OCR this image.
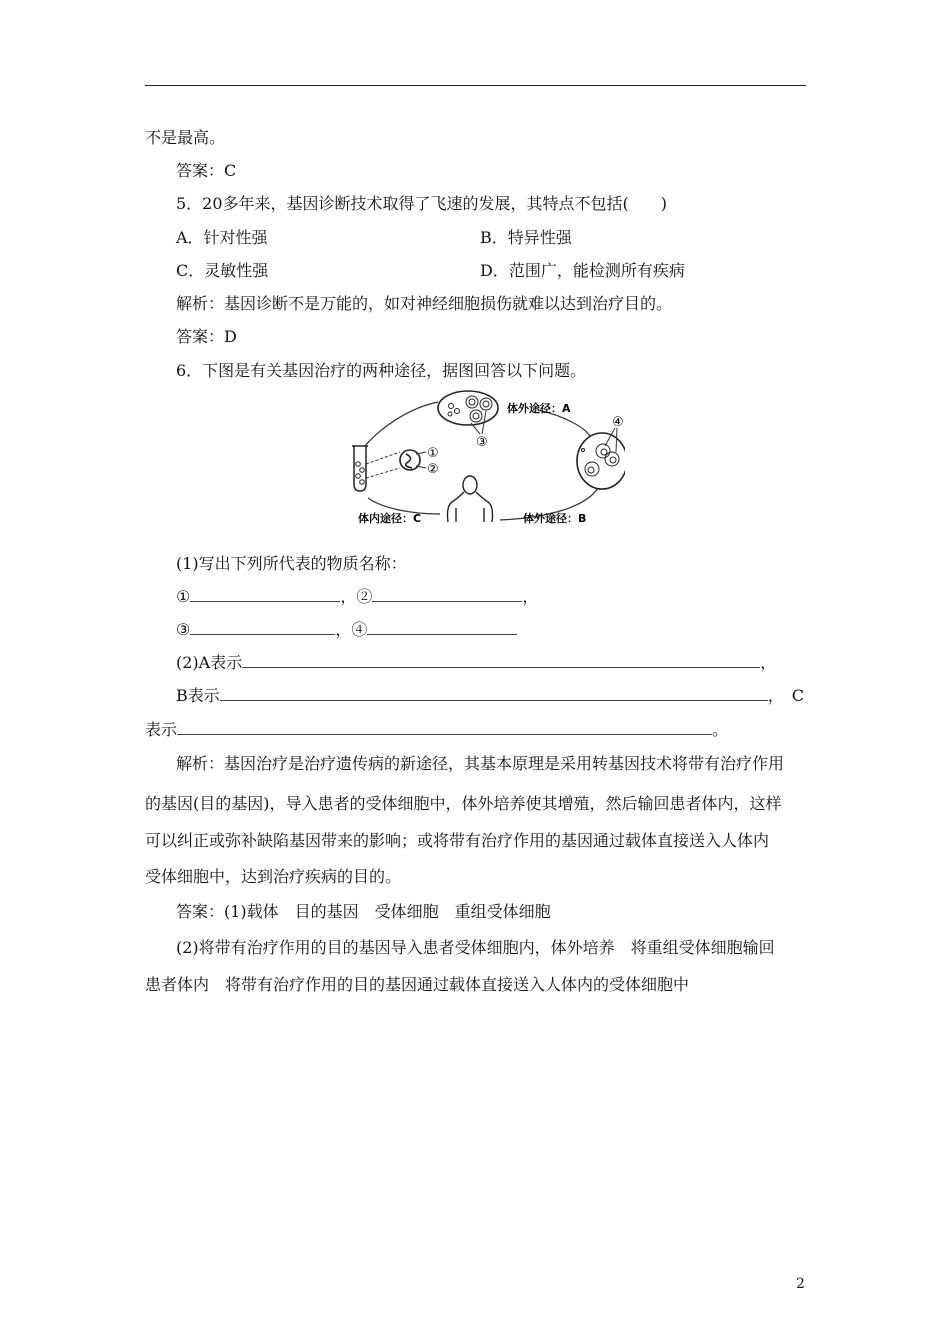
不是最高。
答案：C
5．20多年来，基因诊断技术取得了飞速的发展，其特点不包括(　　)
A．针对性强	B．特异性强
C．灵敏性强	D．范围广，能检测所有疾病
解析：基因诊断不是万能的，如对神经细胞损伤就难以达到治疗目的。
答案：D
6．下图是有关基因治疗的两种途径，据图回答以下问题。
③
④
①
②
体外途径：A
体外途径：B
体内途径：C
(1)写出下列所代表的物质名称：
①	，②	，
③	，④
(2)A表示	，
B表示	，　C
表示	。
解析：基因治疗是治疗遗传病的新途径，其基本原理是采用转基因技术将带有治疗作用
的基因(目的基因)，导入患者的受体细胞中，体外培养使其增殖，然后输回患者体内，这样
可以纠正或弥补缺陷基因带来的影响；或将带有治疗作用的基因通过载体直接送入人体内
受体细胞中，达到治疗疾病的目的。
答案：(1)载体　目的基因　受体细胞　重组受体细胞
(2)将带有治疗作用的目的基因导入患者受体细胞内，体外培养　将重组受体细胞输回
患者体内　将带有治疗作用的目的基因通过载体直接送入人体内的受体细胞中
2
